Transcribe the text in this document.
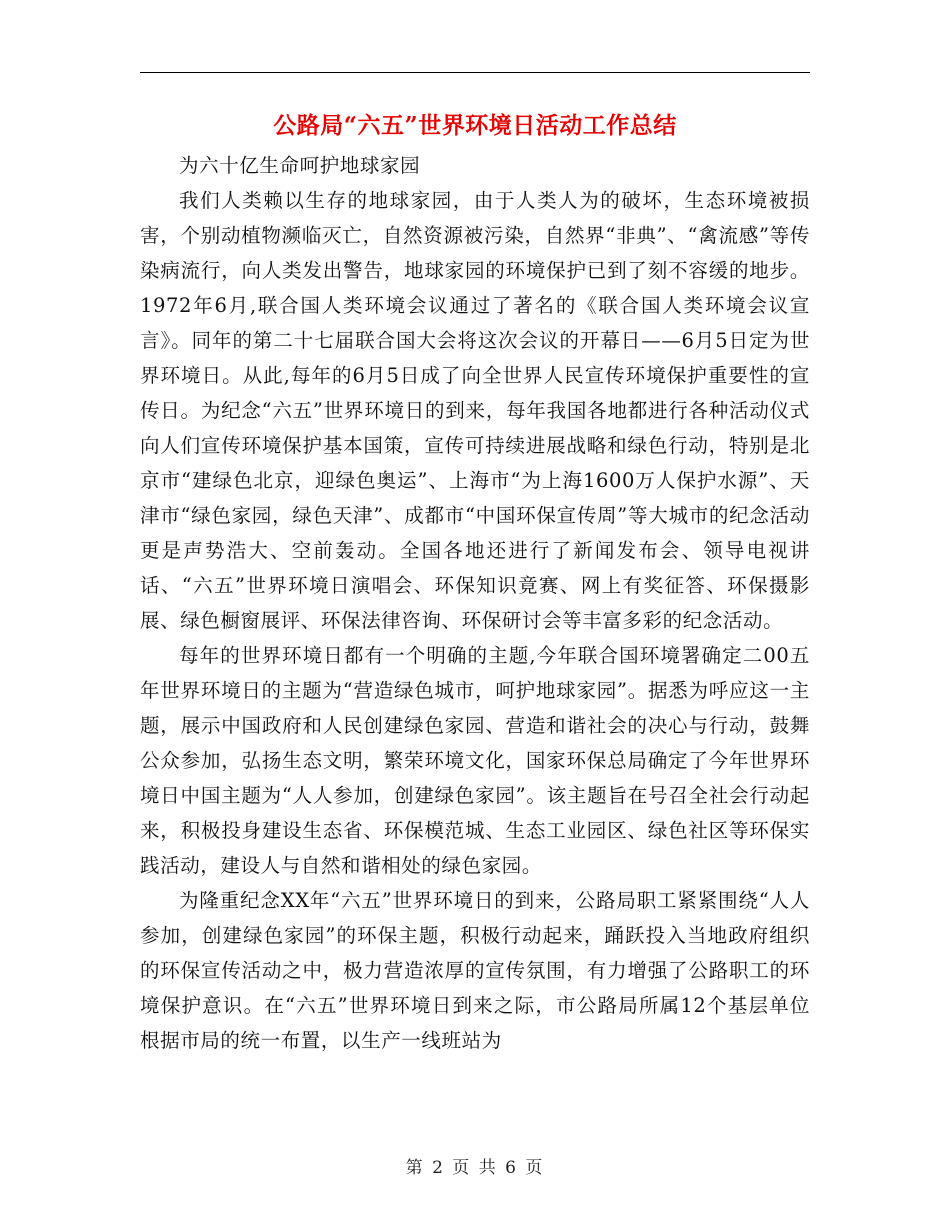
公路局“六五”世界环境日活动工作总结

为六十亿生命呵护地球家园

我们人类赖以生存的地球家园，由于人类人为的破坏，生态环境被损害，个别动植物濒临灭亡，自然资源被污染，自然界“非典”、“禽流感”等传染病流行，向人类发出警告，地球家园的环境保护已到了刻不容缓的地步。1972年6月,联合国人类环境会议通过了著名的《联合国人类环境会议宣言》。同年的第二十七届联合国大会将这次会议的开幕日——6月5日定为世界环境日。从此,每年的6月5日成了向全世界人民宣传环境保护重要性的宣传日。为纪念“六五”世界环境日的到来，每年我国各地都进行各种活动仪式向人们宣传环境保护基本国策，宣传可持续进展战略和绿色行动，特别是北京市“建绿色北京，迎绿色奥运”、上海市“为上海1600万人保护水源”、天津市“绿色家园，绿色天津”、成都市“中国环保宣传周”等大城市的纪念活动更是声势浩大、空前轰动。全国各地还进行了新闻发布会、领导电视讲话、“六五”世界环境日演唱会、环保知识竟赛、网上有奖征答、环保摄影展、绿色橱窗展评、环保法律咨询、环保研讨会等丰富多彩的纪念活动。

每年的世界环境日都有一个明确的主题,今年联合国环境署确定二00五年世界环境日的主题为“营造绿色城市，呵护地球家园”。据悉为呼应这一主题，展示中国政府和人民创建绿色家园、营造和谐社会的决心与行动，鼓舞公众参加，弘扬生态文明，繁荣环境文化，国家环保总局确定了今年世界环境日中国主题为“人人参加，创建绿色家园”。该主题旨在号召全社会行动起来，积极投身建设生态省、环保模范城、生态工业园区、绿色社区等环保实践活动，建设人与自然和谐相处的绿色家园。

为隆重纪念XX年“六五”世界环境日的到来，公路局职工紧紧围绕“人人参加，创建绿色家园”的环保主题，积极行动起来，踊跃投入当地政府组织的环保宣传活动之中，极力营造浓厚的宣传氛围，有力增强了公路职工的环境保护意识。在“六五”世界环境日到来之际，市公路局所属12个基层单位根据市局的统一布置，以生产一线班站为

第 2 页 共 6 页
